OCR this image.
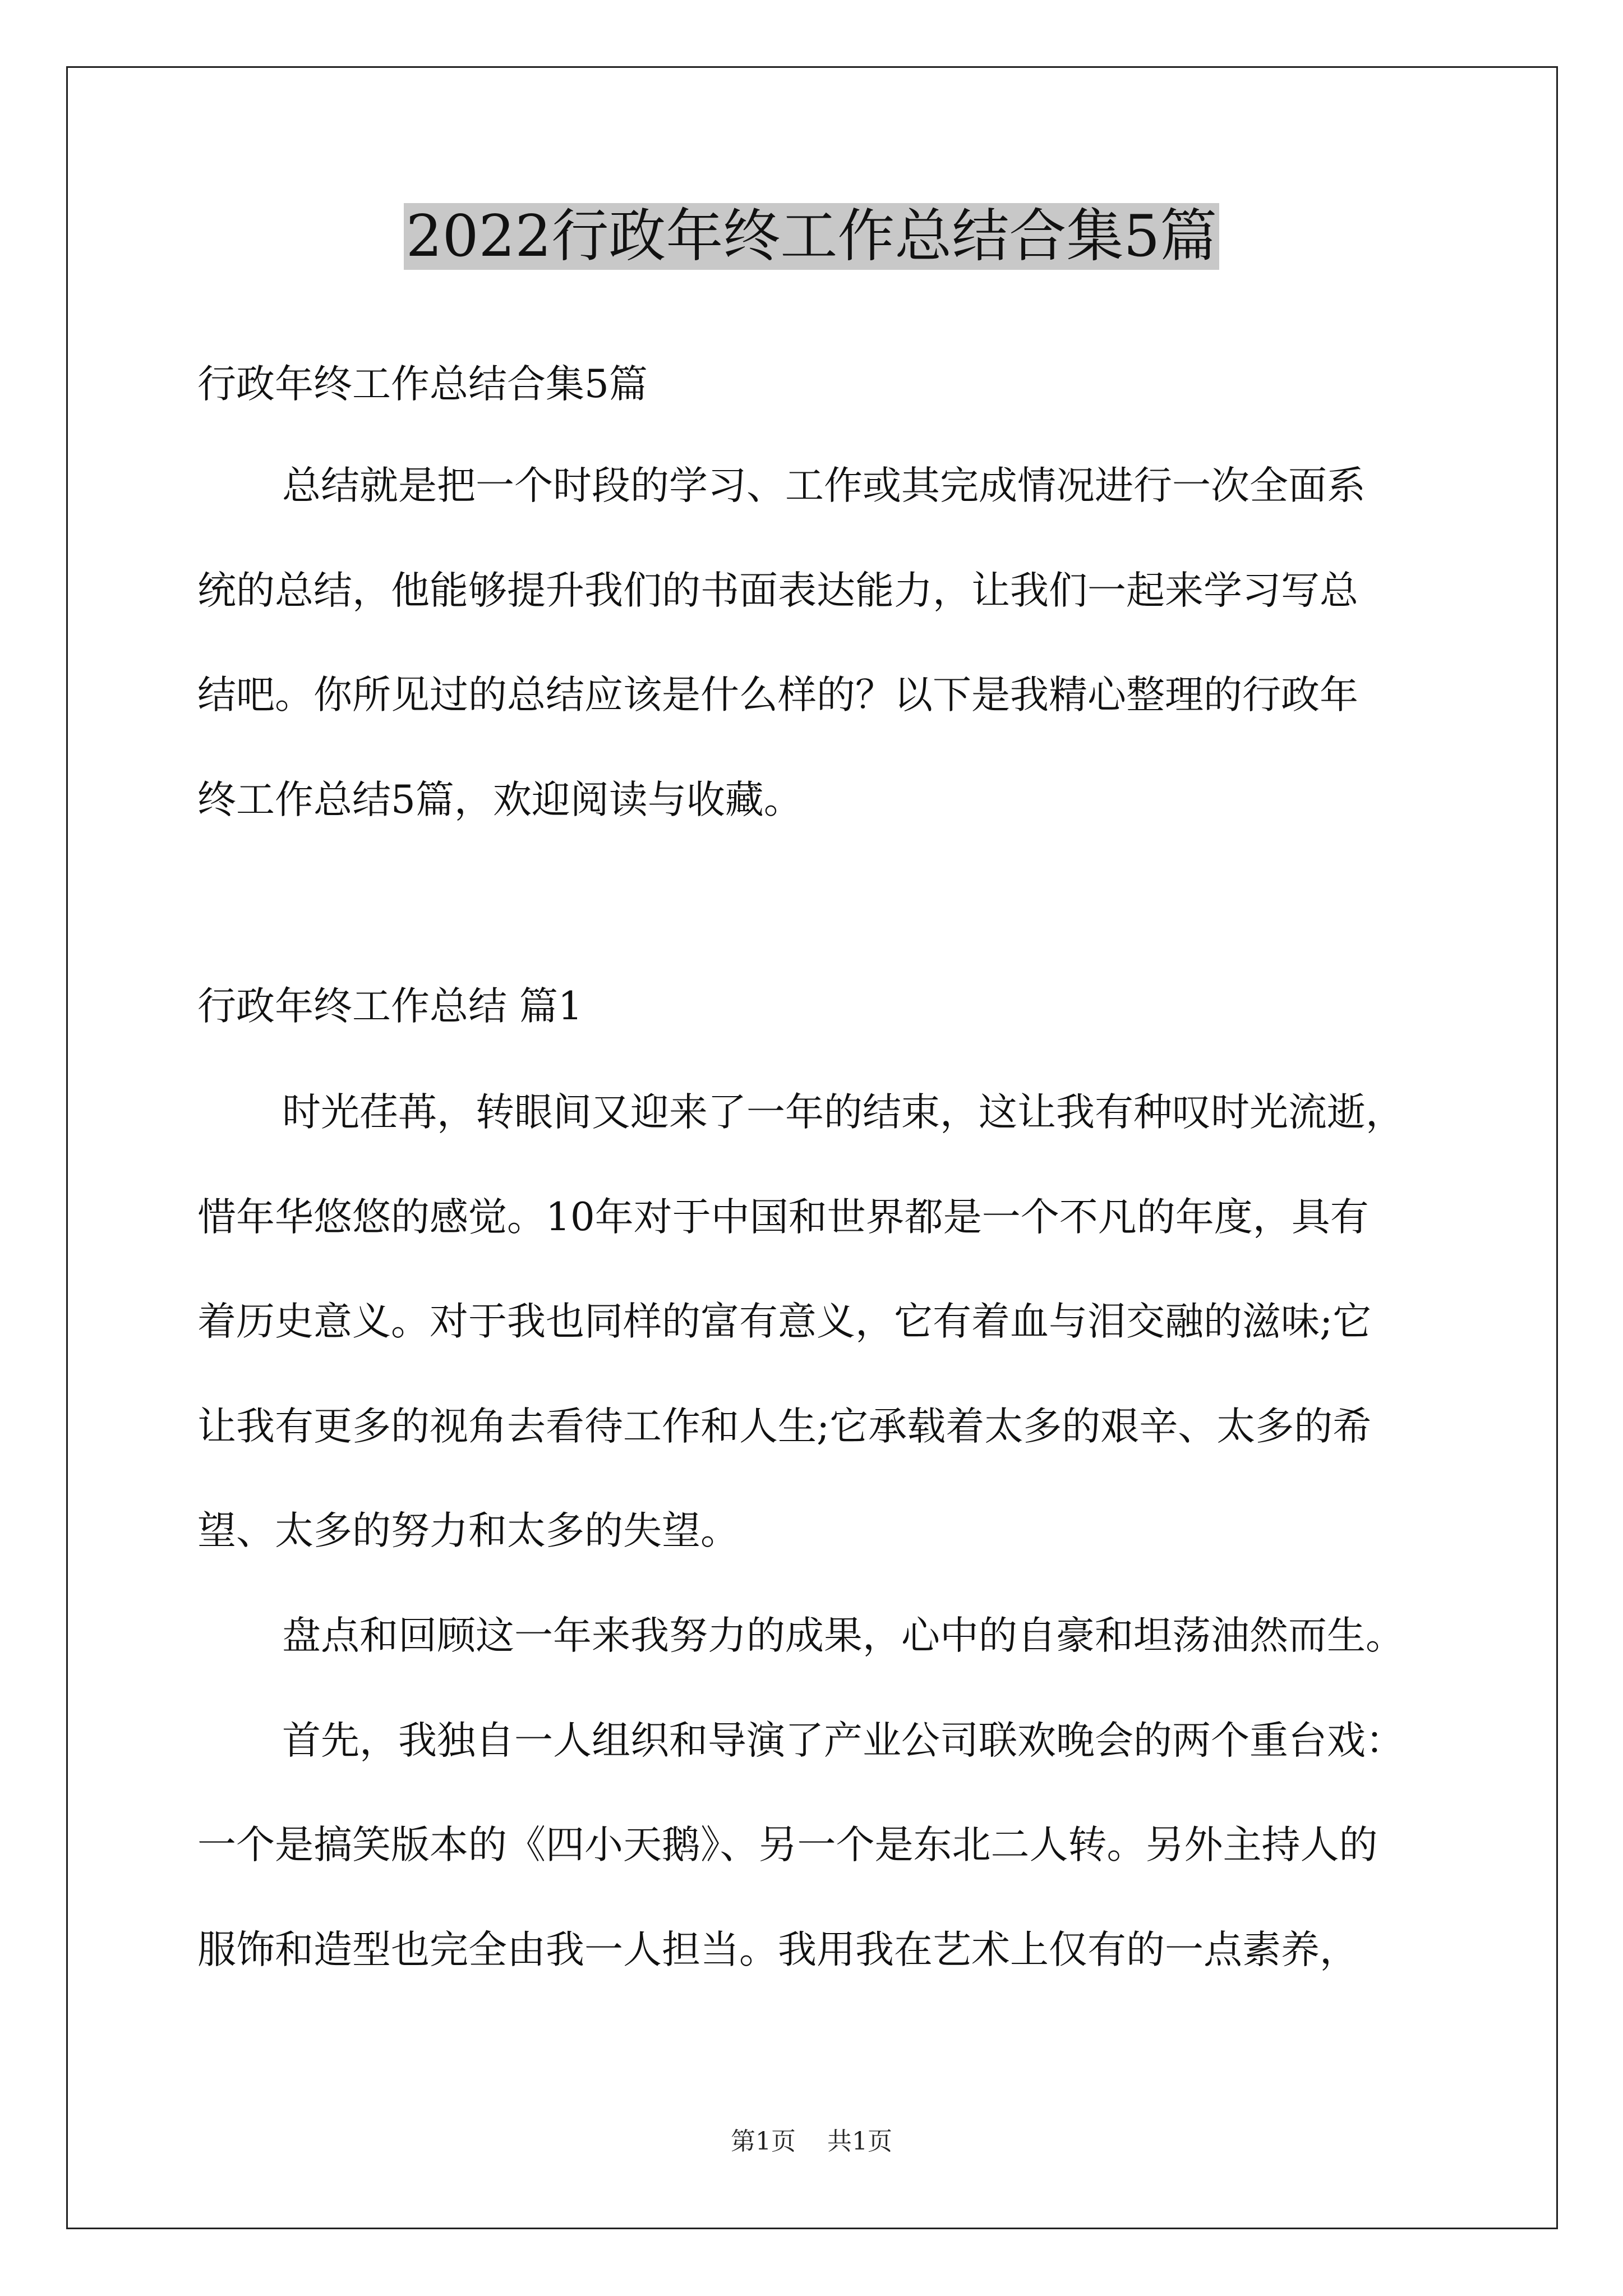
2022行政年终工作总结合集5篇
行政年终工作总结合集5篇
总结就是把一个时段的学习、工作或其完成情况进行一次全面系
统的总结，他能够提升我们的书面表达能力，让我们一起来学习写总
结吧。你所见过的总结应该是什么样的？以下是我精心整理的行政年
终工作总结5篇，欢迎阅读与收藏。
行政年终工作总结 篇1
时光荏苒，转眼间又迎来了一年的结束，这让我有种叹时光流逝，
惜年华悠悠的感觉。10年对于中国和世界都是一个不凡的年度，具有
着历史意义。对于我也同样的富有意义，它有着血与泪交融的滋味;它
让我有更多的视角去看待工作和人生;它承载着太多的艰辛、太多的希
望、太多的努力和太多的失望。
盘点和回顾这一年来我努力的成果，心中的自豪和坦荡油然而生。
首先，我独自一人组织和导演了产业公司联欢晚会的两个重台戏：
一个是搞笑版本的《四小天鹅》、另一个是东北二人转。另外主持人的
服饰和造型也完全由我一人担当。我用我在艺术上仅有的一点素养，
第1页 共1页
